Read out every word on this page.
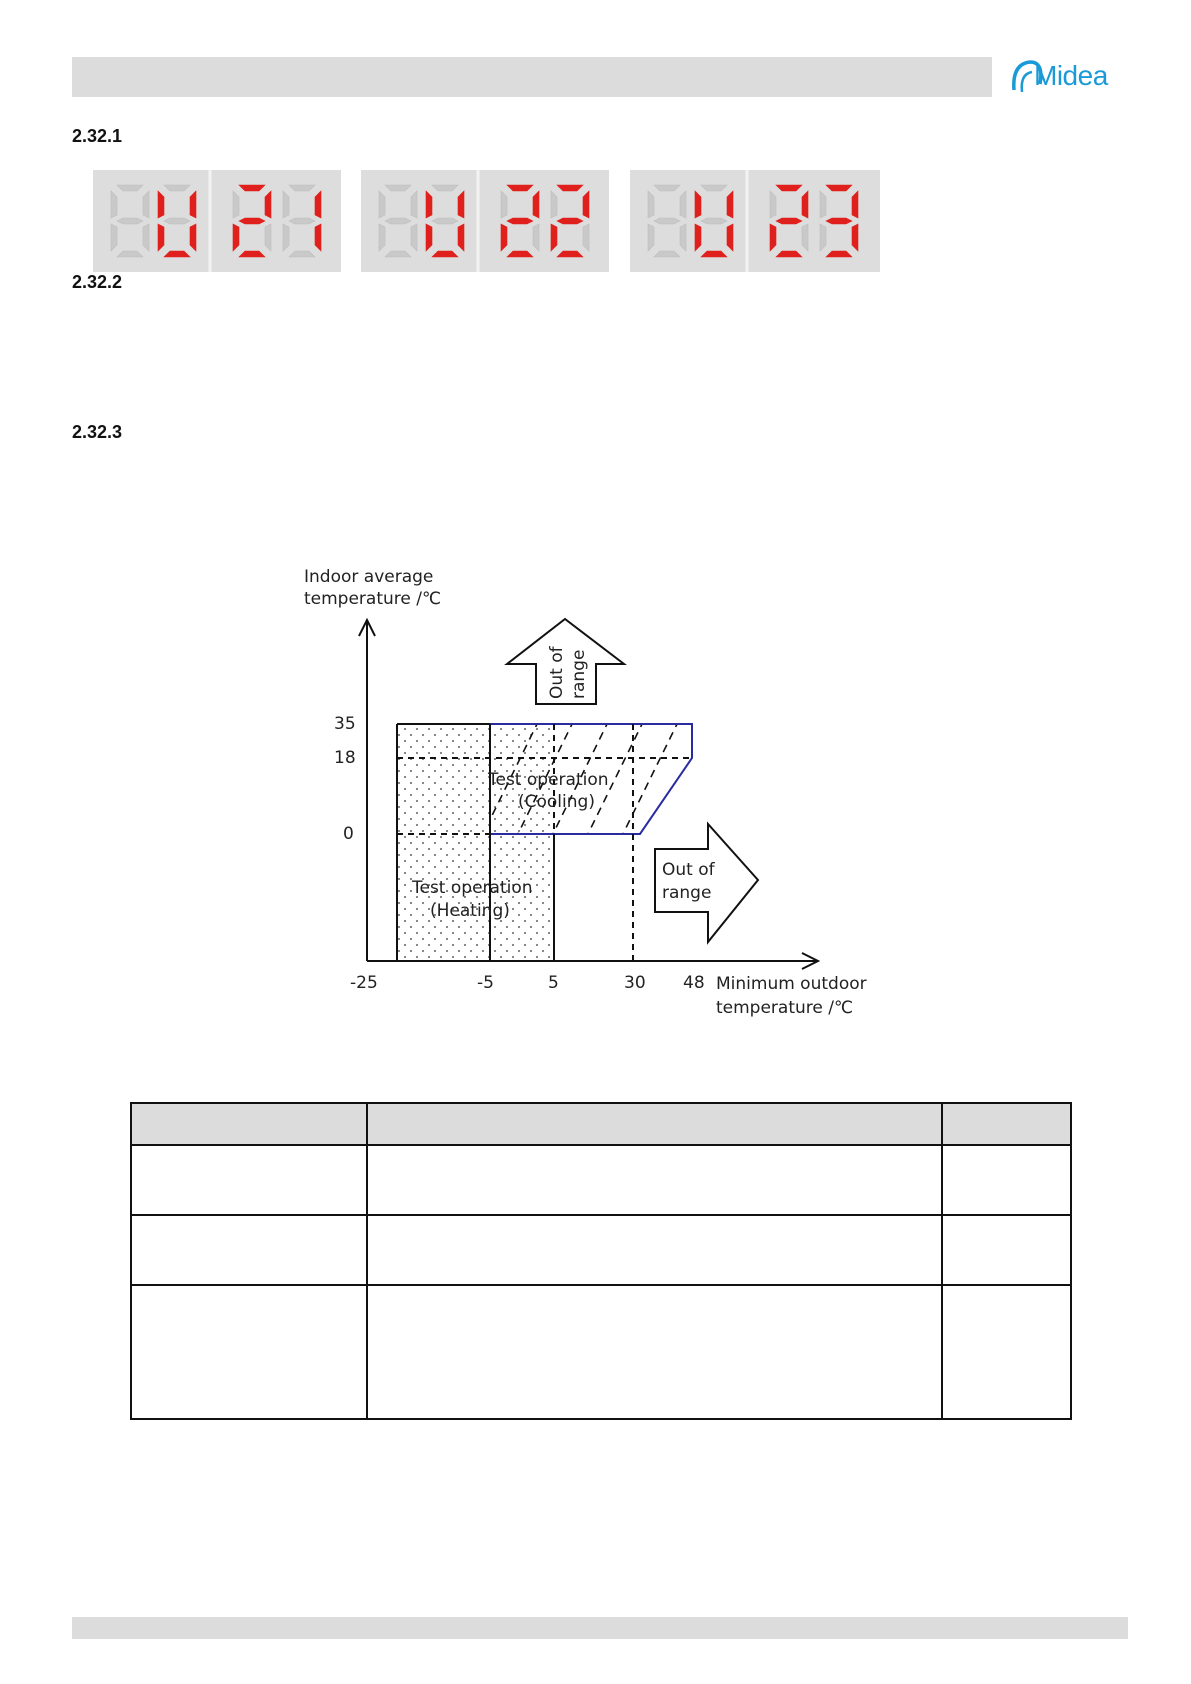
Midea
2.32.1
2.32.2
2.32.3
Indoor average
temperature /℃
Minimum outdoor
temperature /℃
35
18
0
-25	-5	5	30 48
Test operation
(Cooling)
Test operation
(Heating)
Out of range
Out of
range
